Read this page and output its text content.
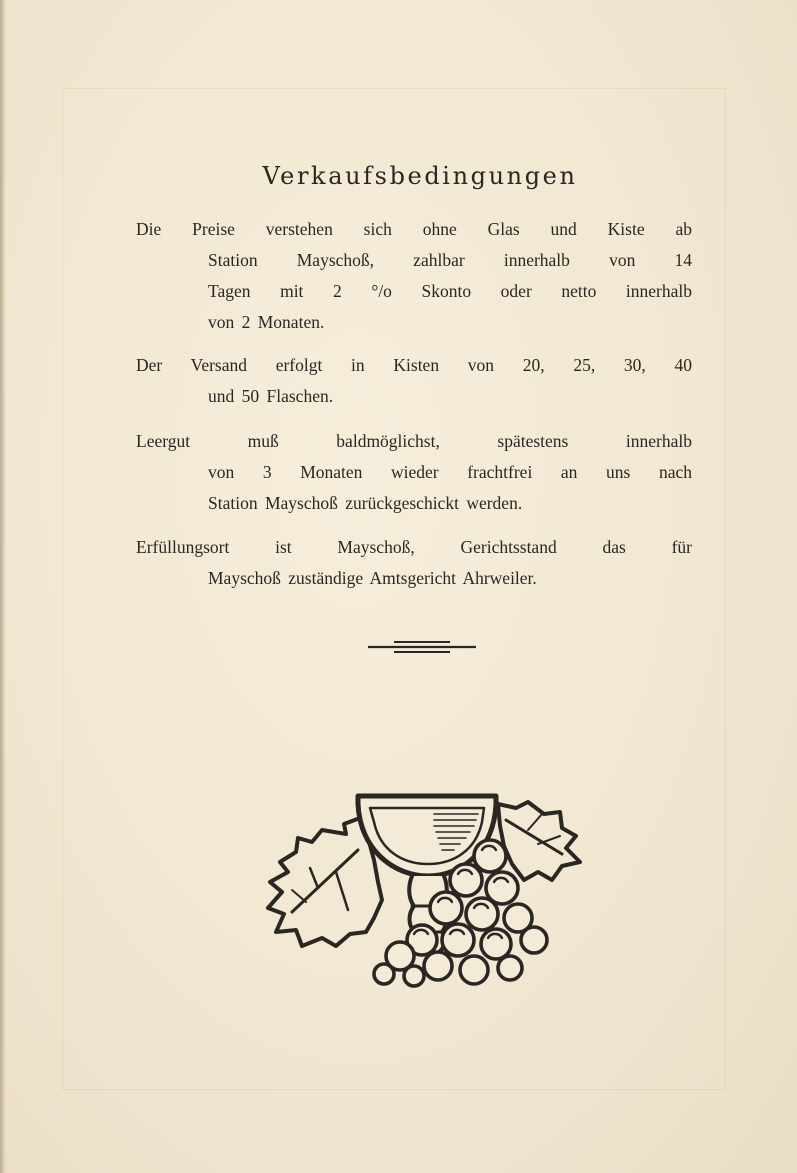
Verkaufsbedingungen
Die Preise verstehen sich ohne Glas und Kiste ab
Station Mayschoß, zahlbar innerhalb von 14
Tagen mit 2 °/o Skonto oder netto innerhalb
von 2 Monaten.
Der Versand erfolgt in Kisten von 20, 25, 30, 40
und 50 Flaschen.
Leergut muß baldmöglichst, spätestens innerhalb
von 3 Monaten wieder frachtfrei an uns nach
Station Mayschoß zurückgeschickt werden.
Erfüllungsort ist Mayschoß, Gerichtsstand das für
Mayschoß zuständige Amtsgericht Ahrweiler.
